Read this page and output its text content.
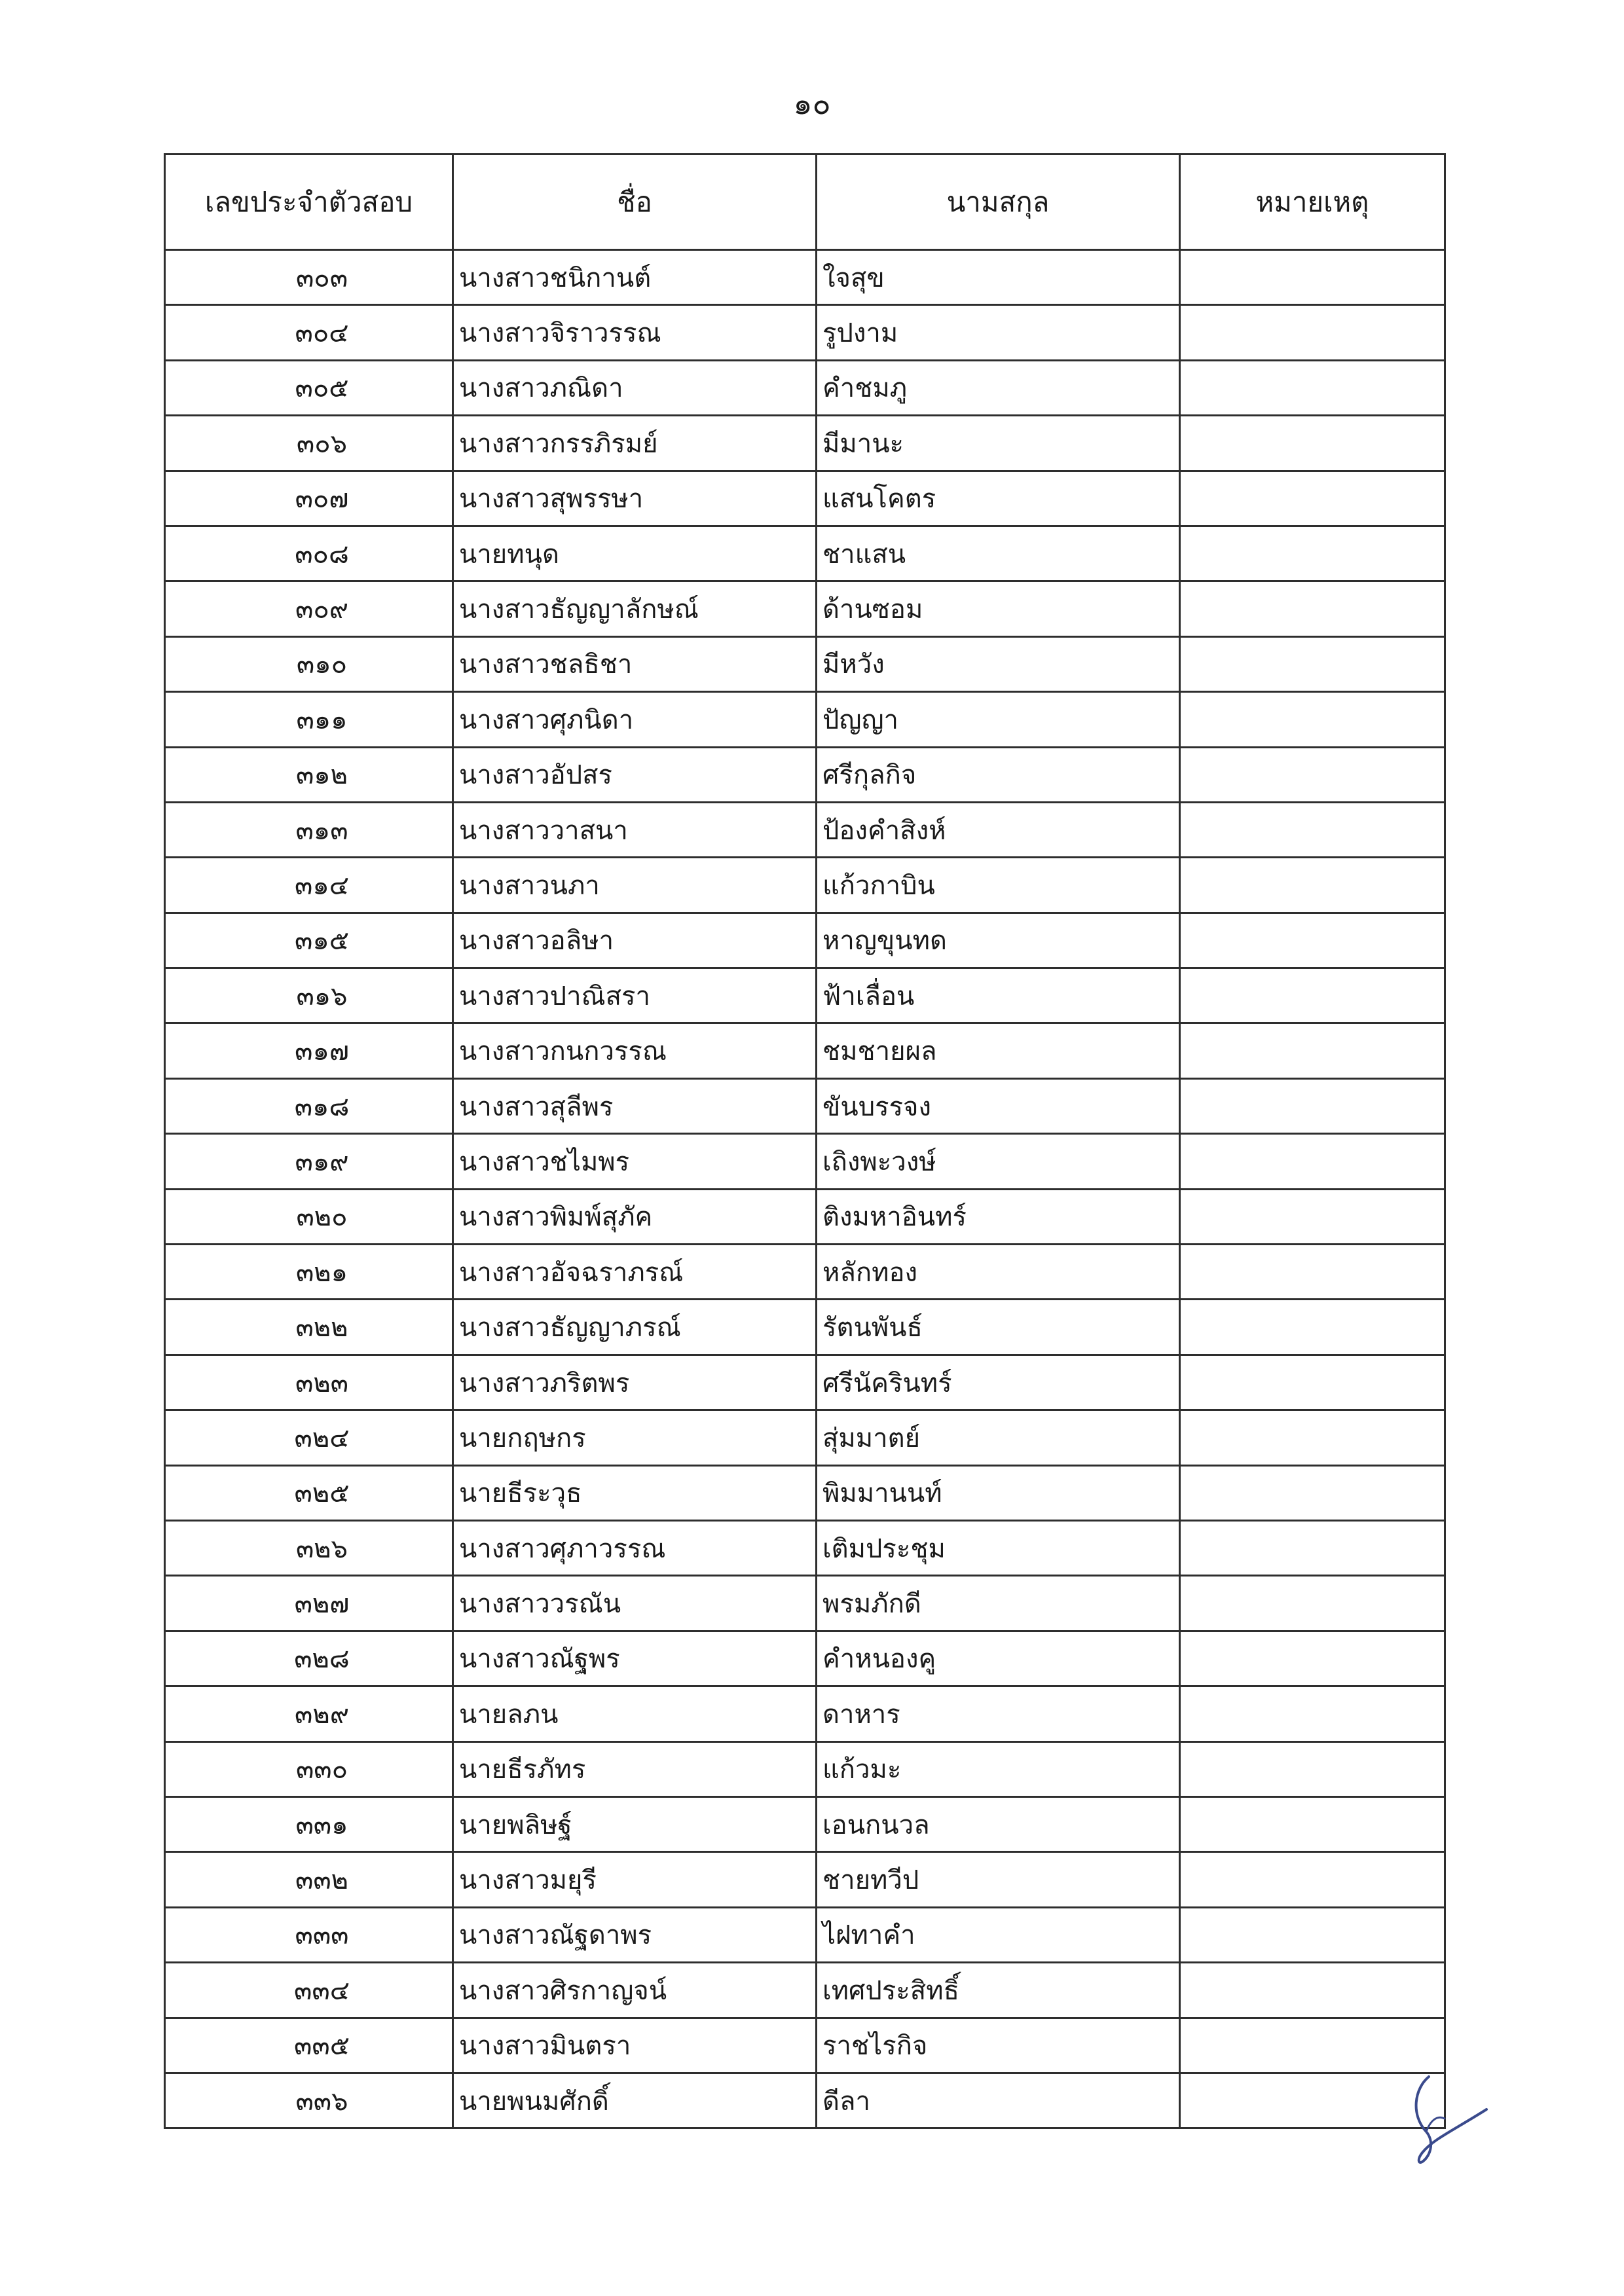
๑๐
เลขประจำตัวสอบ	ชื่อ	นามสกุล	หมายเหตุ
๓๐๓	นางสาวชนิกานต์	ใจสุข	
๓๐๔	นางสาวจิราวรรณ	รูปงาม	
๓๐๕	นางสาวภณิดา	คำชมภู	
๓๐๖	นางสาวกรรภิรมย์	มีมานะ	
๓๐๗	นางสาวสุพรรษา	แสนโคตร	
๓๐๘	นายทนุด	ชาแสน	
๓๐๙	นางสาวธัญญาลักษณ์	ด้านซอม	
๓๑๐	นางสาวชลธิชา	มีหวัง	
๓๑๑	นางสาวศุภนิดา	ปัญญา	
๓๑๒	นางสาวอัปสร	ศรีกุลกิจ	
๓๑๓	นางสาววาสนา	ป้องคำสิงห์	
๓๑๔	นางสาวนภา	แก้วกาบิน	
๓๑๕	นางสาวอลิษา	หาญขุนทด	
๓๑๖	นางสาวปาณิสรา	ฟ้าเลื่อน	
๓๑๗	นางสาวกนกวรรณ	ชมชายผล	
๓๑๘	นางสาวสุลีพร	ขันบรรจง	
๓๑๙	นางสาวชไมพร	เถิงพะวงษ์	
๓๒๐	นางสาวพิมพ์สุภัค	ติงมหาอินทร์	
๓๒๑	นางสาวอัจฉราภรณ์	หลักทอง	
๓๒๒	นางสาวธัญญาภรณ์	รัตนพันธ์	
๓๒๓	นางสาวภริตพร	ศรีนัครินทร์	
๓๒๔	นายกฤษกร	สุ่มมาตย์	
๓๒๕	นายธีระวุธ	พิมมานนท์	
๓๒๖	นางสาวศุภาวรรณ	เติมประชุม	
๓๒๗	นางสาววรณัน	พรมภักดี	
๓๒๘	นางสาวณัฐพร	คำหนองคู	
๓๒๙	นายลภน	ดาหาร	
๓๓๐	นายธีรภัทร	แก้วมะ	
๓๓๑	นายพลิษฐ์	เอนกนวล	
๓๓๒	นางสาวมยุรี	ชายทวีป	
๓๓๓	นางสาวณัฐดาพร	ไฝทาคำ	
๓๓๔	นางสาวศิรกาญจน์	เทศประสิทธิ์	
๓๓๕	นางสาวมินตรา	ราชไรกิจ	
๓๓๖	นายพนมศักดิ์	ดีลา	
